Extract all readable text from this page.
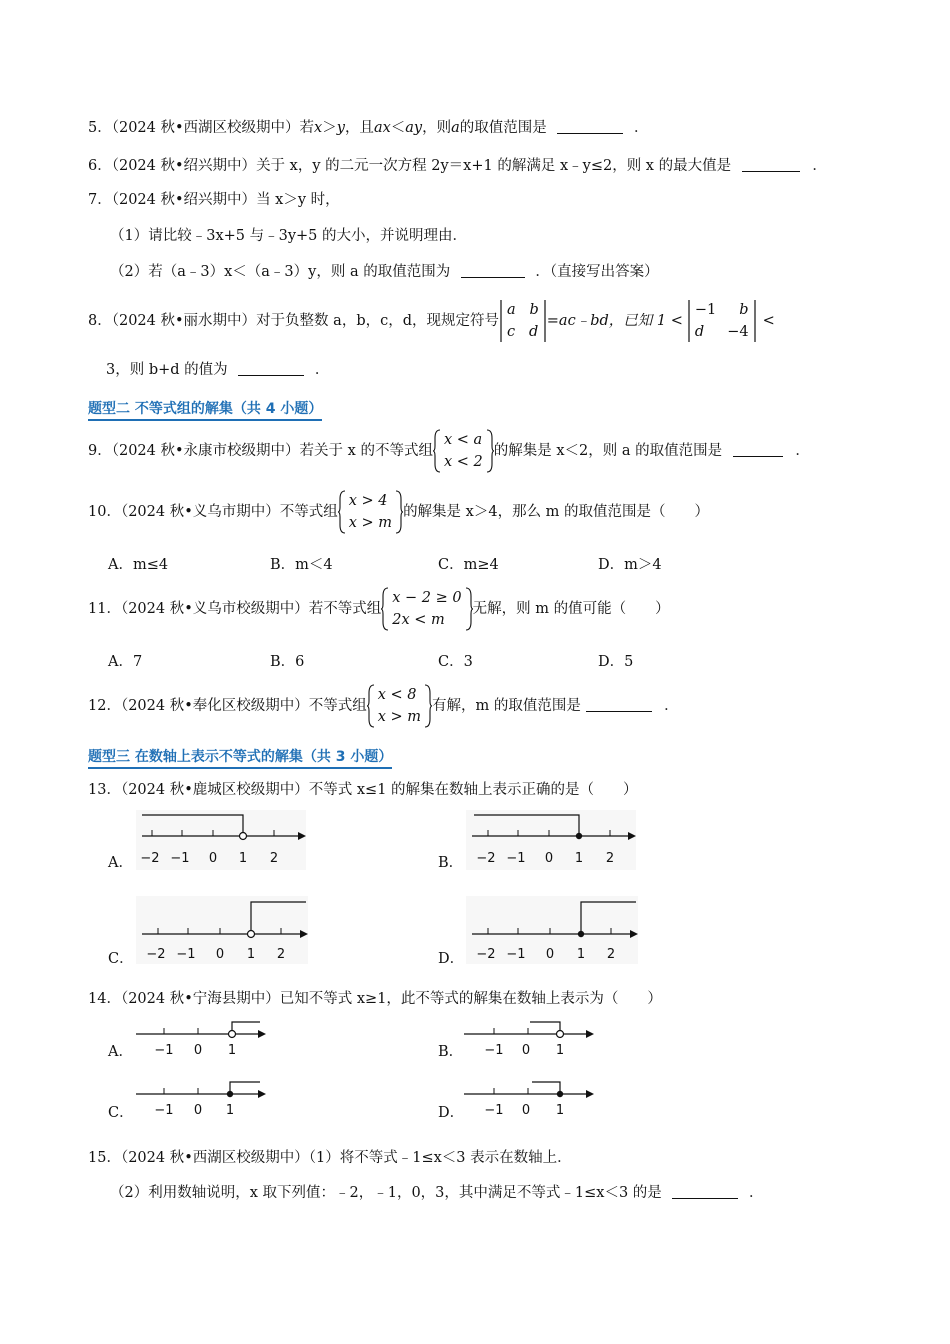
5．（2024 秋•西湖区校级期中）若x＞y，且ax＜ay，则a的取值范围是	．
6．（2024 秋•绍兴期中）关于 x，y 的二元一次方程 2y＝x+1 的解满足 x﹣y≤2，则 x 的最大值是	．
7．（2024 秋•绍兴期中）当 x＞y 时，
（1）请比较﹣3x+5 与﹣3y+5 的大小，并说明理由．
（2）若（a﹣3）x＜（a﹣3）y，则 a 的取值范围为	．（直接写出答案）
8．（2024 秋•丽水期中）对于负整数 a，b，c，d，现规定符号
a b
c d
=ac﹣bd，已知 1 <
−1 b
d −4
<
3，则 b+d 的值为	．
题型二 不等式组的解集（共 4 小题）
9．（2024 秋•永康市校级期中）若关于 x 的不等式组
x < a
x < 2
的解集是 x＜2，则 a 的取值范围是	．
10．（2024 秋•义乌市期中）不等式组
x > 4
x > m
的解集是 x＞4，那么 m 的取值范围是（　　）
A．m≤4	B．m＜4	C．m≥4	D．m＞4
11．（2024 秋•义乌市校级期中）若不等式组
x − 2 ≥ 0
2x < m
无解，则 m 的值可能（　　）
A．7	B．6	C．3	D．5
12．（2024 秋•奉化区校级期中）不等式组
x < 8
x > m
有解，m 的取值范围是	．
题型三 在数轴上表示不等式的解集（共 3 小题）
13．（2024 秋•鹿城区校级期中）不等式 x≤1 的解集在数轴上表示正确的是（　　）
A． −2 −1 0 1 2	B． −2 −1 0 1 2
C． −2 −1 0 1 2	D． −2 −1 0 1 2
14．（2024 秋•宁海县期中）已知不等式 x≥1，此不等式的解集在数轴上表示为（　　）
A． −1 0 1	B． −1 0 1
C． −1 0 1	D． −1 0 1
15．（2024 秋•西湖区校级期中）（1）将不等式﹣1≤x＜3 表示在数轴上．
（2）利用数轴说明，x 取下列值：﹣2，﹣1，0，3，其中满足不等式﹣1≤x＜3 的是	．
